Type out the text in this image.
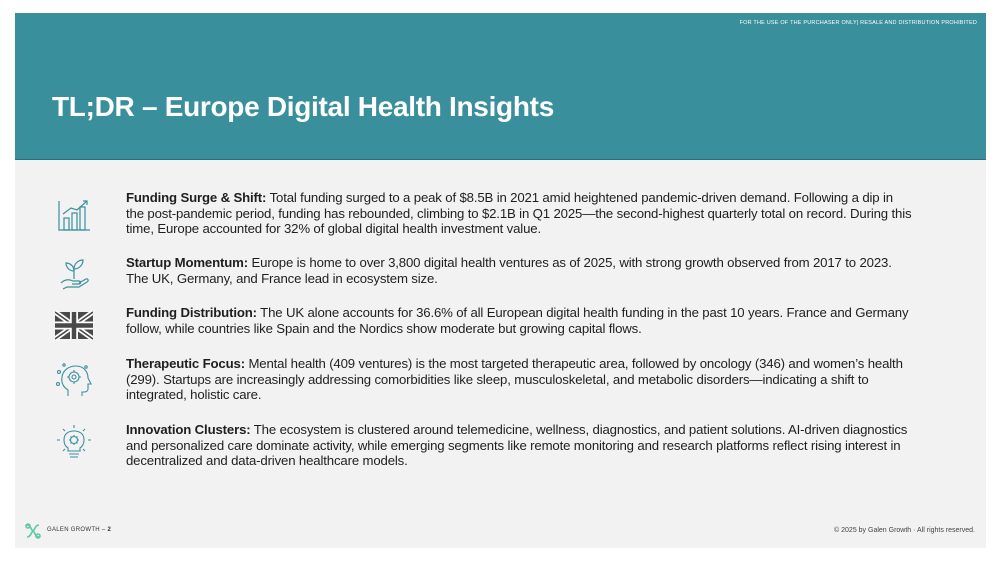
FOR THE USE OF THE PURCHASER ONLY| RESALE AND DISTRIBUTION PROHIBITED
TL;DR – Europe Digital Health Insights
Funding Surge & Shift: Total funding surged to a peak of $8.5B in 2021 amid heightened pandemic-driven demand. Following a dip in the post-pandemic period, funding has rebounded, climbing to $2.1B in Q1 2025—the second-highest quarterly total on record. During this time, Europe accounted for 32% of global digital health investment value.
Startup Momentum: Europe is home to over 3,800 digital health ventures as of 2025, with strong growth observed from 2017 to 2023. The UK, Germany, and France lead in ecosystem size.
Funding Distribution: The UK alone accounts for 36.6% of all European digital health funding in the past 10 years. France and Germany follow, while countries like Spain and the Nordics show moderate but growing capital flows.
Therapeutic Focus: Mental health (409 ventures) is the most targeted therapeutic area, followed by oncology (346) and women’s health (299). Startups are increasingly addressing comorbidities like sleep, musculoskeletal, and metabolic disorders—indicating a shift to integrated, holistic care.
Innovation Clusters: The ecosystem is clustered around telemedicine, wellness, diagnostics, and patient solutions. AI-driven diagnostics and personalized care dominate activity, while emerging segments like remote monitoring and research platforms reflect rising interest in decentralized and data-driven healthcare models.
GALEN GROWTH – 2	© 2025 by Galen Growth · All rights reserved.
